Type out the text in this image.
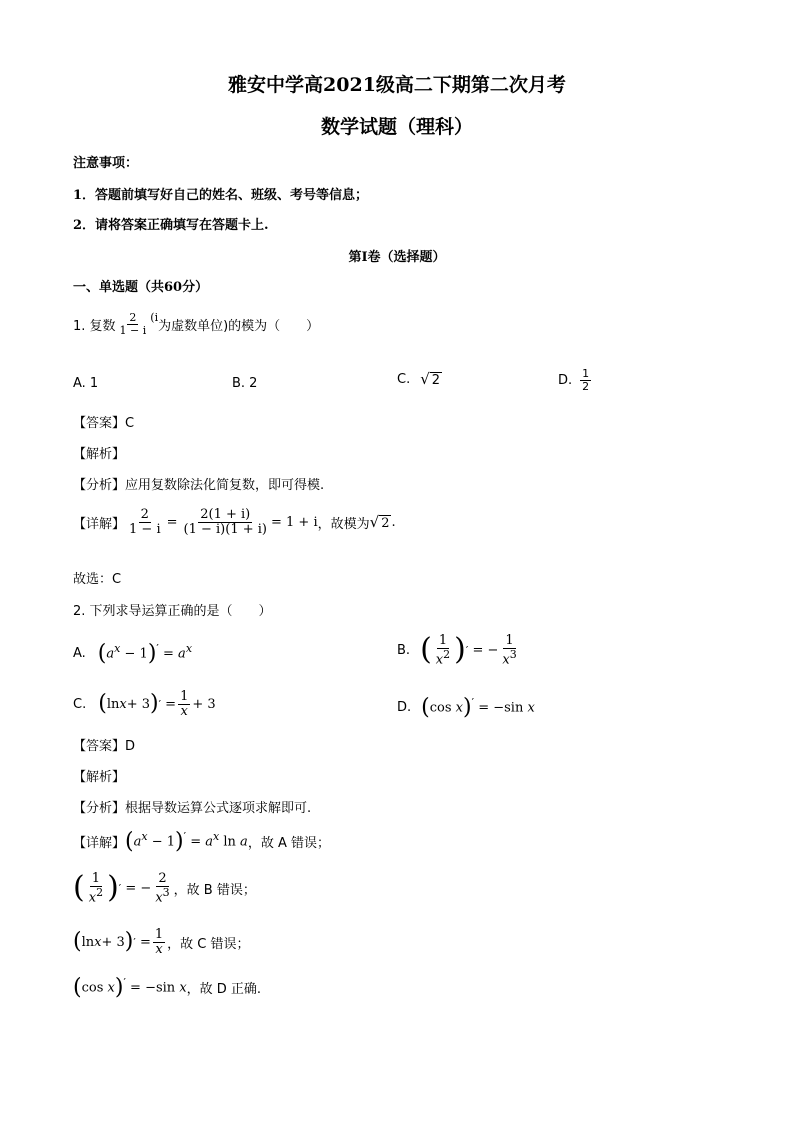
雅安中学高2021级高二下期第二次月考
数学试题（理科）
注意事项：
1．答题前填写好自己的姓名、班级、考号等信息；
2．请将答案正确填写在答题卡上.
第I卷（选择题）
一、单选题（共60分）
1. 复数 $\frac{2}{1 - i} (i$
为虚数单位 )的模为（　　）
A. 1	B. 2	C. √ 2	D. $\frac{1}{2}$
【答案】C
【解析】
【分析】应用复数除法化简复数，即可得模.
【详解】 $\frac{2}{1 - i} = \frac{2(1 + i)}{(1 - i)(1 + i)} = 1 + i$ ，故模为 √ 2 .
故选：C
2. 下列求导运算正确的是（　　）
A. $(a^x - 1)' = a^x$	B. ( $\frac{1}{x^2}$ ) ′ = − $\frac{1}{x^3}$
C. ( ln x + 3 ) ′ = $\frac{1}{x} + 3$	D. (cos x)′ = −sin x
【答案】D
【解析】
【分析】根据导数运算公式逐项求解即可.
【详解】 $(a^x - 1)' = a^x$ ln a ，故 A 错误；
( $\frac{1}{x^2}$ ) ′ = − $\frac{2}{x^3}$ ，故 B 错误；
( ln x + 3 ) ′ = $\frac{1}{x}$ ，故 C 错误；
(cos x)′ = −sin x ，故 D 正确.
